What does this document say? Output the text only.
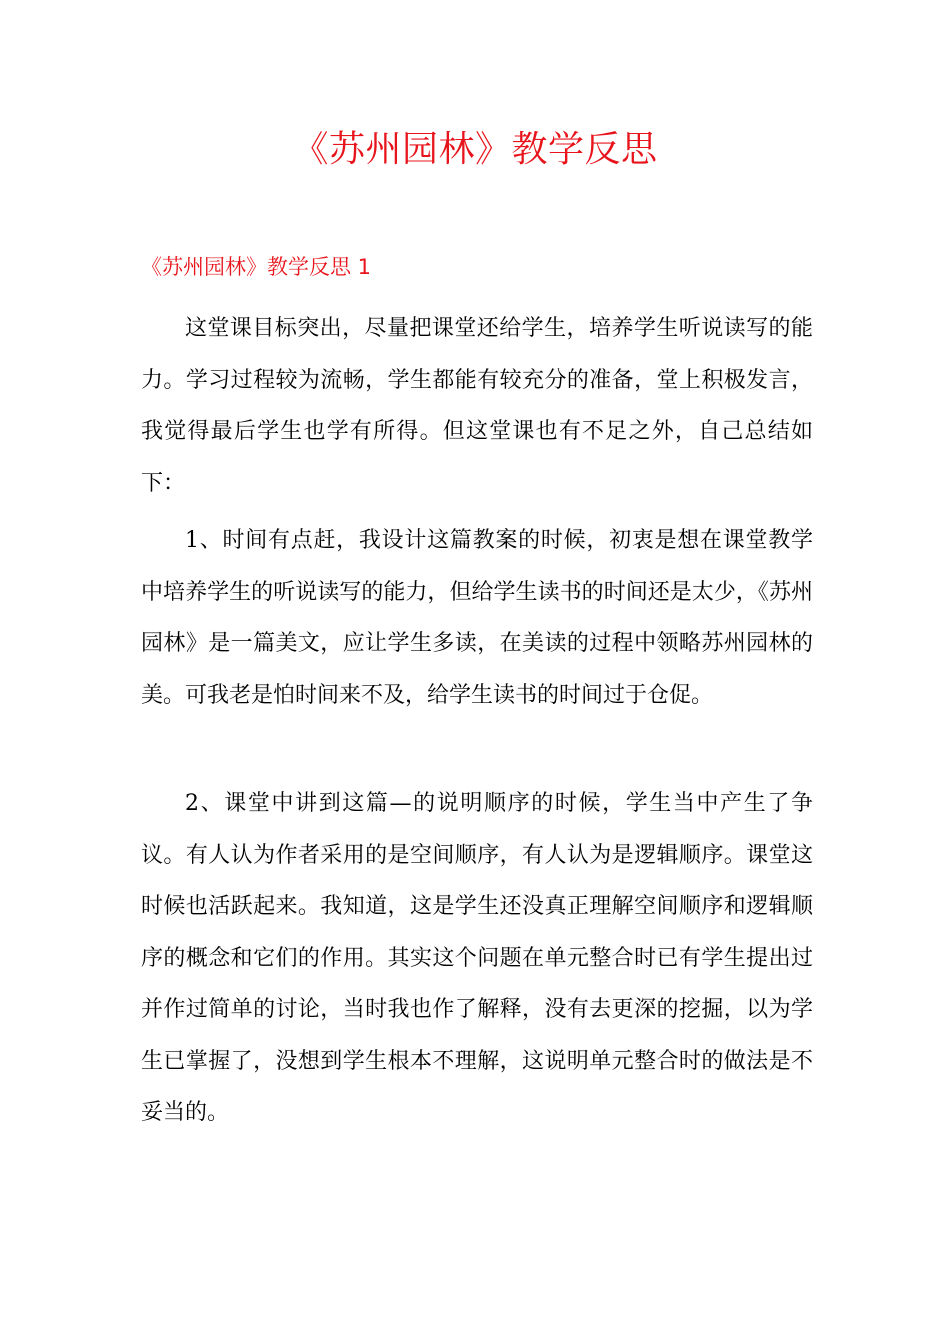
《苏州园林》教学反思
《苏州园林》教学反思 1

这堂课目标突出，尽量把课堂还给学生，培养学生听说读写的能力。学习过程较为流畅，学生都能有较充分的准备，堂上积极发言，我觉得最后学生也学有所得。但这堂课也有不足之外，自己总结如下：

1、时间有点赶，我设计这篇教案的时候，初衷是想在课堂教学中培养学生的听说读写的能力，但给学生读书的时间还是太少，《苏州园林》是一篇美文，应让学生多读，在美读的过程中领略苏州园林的美。可我老是怕时间来不及，给学生读书的时间过于仓促。

2、课堂中讲到这篇—的说明顺序的时候，学生当中产生了争议。有人认为作者采用的是空间顺序，有人认为是逻辑顺序。课堂这时候也活跃起来。我知道，这是学生还没真正理解空间顺序和逻辑顺序的概念和它们的作用。其实这个问题在单元整合时已有学生提出过并作过简单的讨论，当时我也作了解释，没有去更深的挖掘，以为学生已掌握了，没想到学生根本不理解，这说明单元整合时的做法是不妥当的。
